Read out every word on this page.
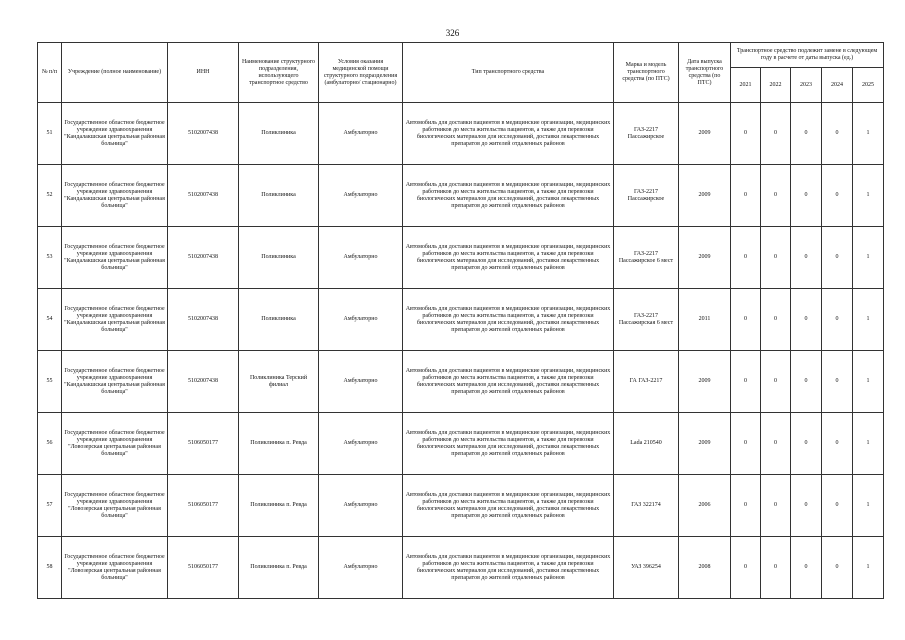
326
№ п/п	Учреждение (полное наименование)	ИНН	Наименование структурного подразделения, использующего транспортное средство	Условия оказания медицинской помощи структурного подразделения (амбулаторно/ стационарно)	Тип транспортного средства	Марка и модель транспортного средства (по ПТС)	Дата выпуска транспортного средства (по ПТС)	Транспортное средство подлежит замене в следующем году в расчете от даты выпуска (ед.)				
								2021	2022	2023	2024	2025
51	Государственное областное бюджетное учреждение здравоохранения "Кандалакшская центральная районная больница"	5102007438	Поликлиника	Амбулаторно	Автомобиль для доставки пациентов в медицинские организации, медицинских работников до места жительства пациентов, а также для перевозки биологических материалов для исследований, доставки лекарственных препаратов до жителей отдаленных районов	ГАЗ-2217 Пассажирское	2009	0	0	0	0	1
52	Государственное областное бюджетное учреждение здравоохранения "Кандалакшская центральная районная больница"	5102007438	Поликлиника	Амбулаторно	Автомобиль для доставки пациентов в медицинские организации, медицинских работников до места жительства пациентов, а также для перевозки биологических материалов для исследований, доставки лекарственных препаратов до жителей отдаленных районов	ГАЗ-2217 Пассажирское	2009	0	0	0	0	1
53	Государственное областное бюджетное учреждение здравоохранения "Кандалакшская центральная районная больница"	5102007438	Поликлиника	Амбулаторно	Автомобиль для доставки пациентов в медицинские организации, медицинских работников до места жительства пациентов, а также для перевозки биологических материалов для исследований, доставки лекарственных препаратов до жителей отдаленных районов	ГАЗ-2217 Пассажирское 6 мест	2009	0	0	0	0	1
54	Государственное областное бюджетное учреждение здравоохранения "Кандалакшская центральная районная больница"	5102007438	Поликлиника	Амбулаторно	Автомобиль для доставки пациентов в медицинские организации, медицинских работников до места жительства пациентов, а также для перевозки биологических материалов для исследований, доставки лекарственных препаратов до жителей отдаленных районов	ГАЗ-2217 Пассажирская 6 мест	2011	0	0	0	0	1
55	Государственное областное бюджетное учреждение здравоохранения "Кандалакшская центральная районная больница"	5102007438	Поликлиника Терский филиал	Амбулаторно	Автомобиль для доставки пациентов в медицинские организации, медицинских работников до места жительства пациентов, а также для перевозки биологических материалов для исследований, доставки лекарственных препаратов до жителей отдаленных районов	ГА ГАЗ-2217	2009	0	0	0	0	1
56	Государственное областное бюджетное учреждение здравоохранения "Ловозерская центральная районная больница"	5106050177	Поликлиника п. Ревда	Амбулаторно	Автомобиль для доставки пациентов в медицинские организации, медицинских работников до места жительства пациентов, а также для перевозки биологических материалов для исследований, доставки лекарственных препаратов до жителей отдаленных районов	Lada 210540	2009	0	0	0	0	1
57	Государственное областное бюджетное учреждение здравоохранения "Ловозерская центральная районная больница"	5106050177	Поликлиника п. Ревда	Амбулаторно	Автомобиль для доставки пациентов в медицинские организации, медицинских работников до места жительства пациентов, а также для перевозки биологических материалов для исследований, доставки лекарственных препаратов до жителей отдаленных районов	ГАЗ 322174	2006	0	0	0	0	1
58	Государственное областное бюджетное учреждение здравоохранения "Ловозерская центральная районная больница"	5106050177	Поликлиника п. Ревда	Амбулаторно	Автомобиль для доставки пациентов в медицинские организации, медицинских работников до места жительства пациентов, а также для перевозки биологических материалов для исследований, доставки лекарственных препаратов до жителей отдаленных районов	УАЗ 396254	2008	0	0	0	0	1
